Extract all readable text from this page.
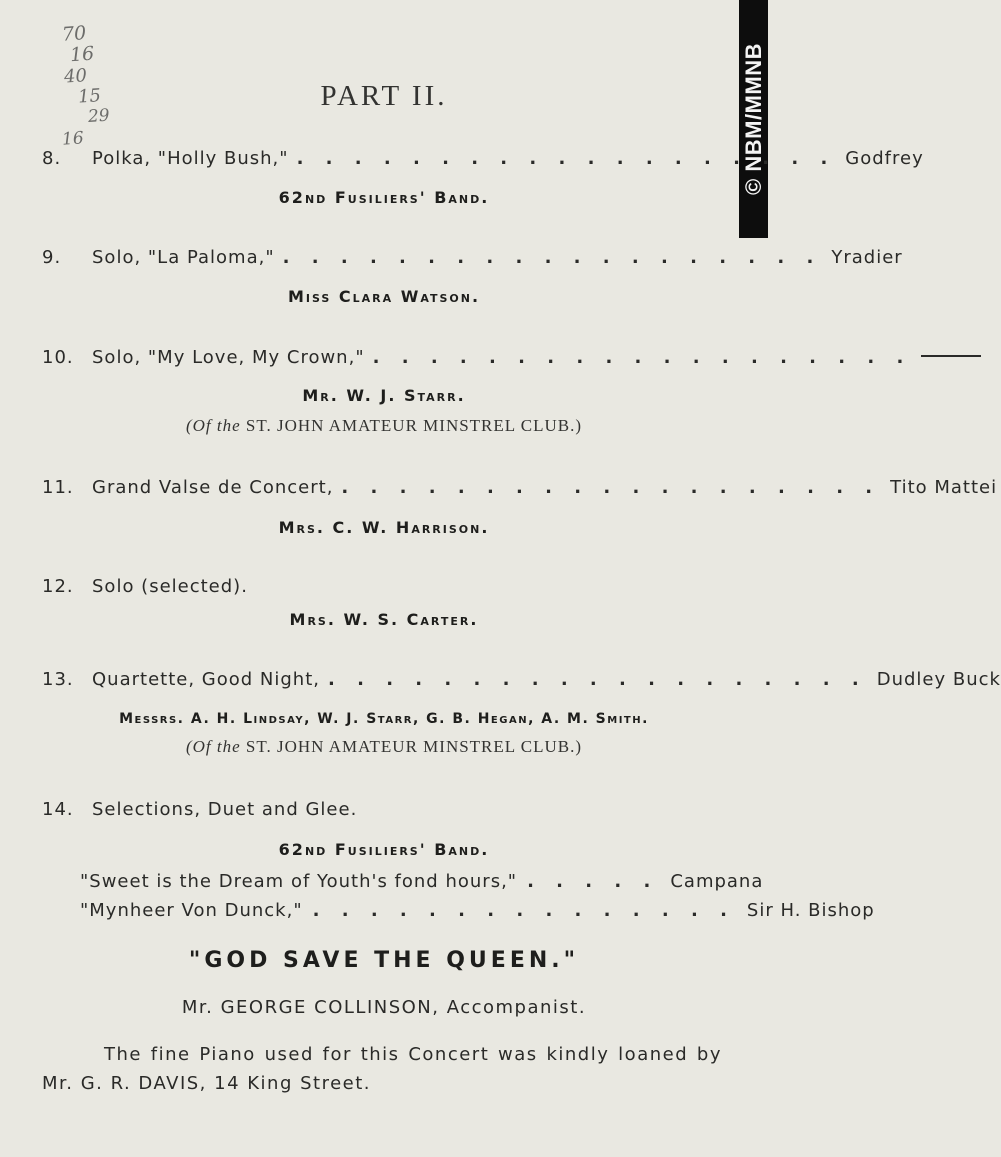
70
16
40
15
29
16	© NBM/MMNB
PART II.
8.	Polka, "Holly Bush," . . . . . . . . . . . . . . . . . . . Godfrey
62nd Fusiliers' Band.
9.	Solo, "La Paloma," . . . . . . . . . . . . . . . . . . . Yradier
Miss Clara Watson.
10.	Solo, "My Love, My Crown," . . . . . . . . . . . . . . . . . . .
Mr. W. J. Starr.
(Of the ST. JOHN AMATEUR MINSTREL CLUB.)
11.	Grand Valse de Concert, . . . . . . . . . . . . . . . . . . . Tito Mattei
Mrs. C. W. Harrison.
12.	Solo (selected).
Mrs. W. S. Carter.
13.	Quartette, Good Night, . . . . . . . . . . . . . . . . . . . Dudley Buck
Messrs. A. H. Lindsay, W. J. Starr, G. B. Hegan, A. M. Smith.
(Of the ST. JOHN AMATEUR MINSTREL CLUB.)
14.	Selections, Duet and Glee.
62nd Fusiliers' Band.
"Sweet is the Dream of Youth's fond hours," . . . . . Campana
"Mynheer Von Dunck," . . . . . . . . . . . . . . . Sir H. Bishop
"GOD SAVE THE QUEEN."
Mr. GEORGE COLLINSON, Accompanist.
The fine Piano used for this Concert was kindly loaned by Mr. G. R. DAVIS, 14 King Street.
